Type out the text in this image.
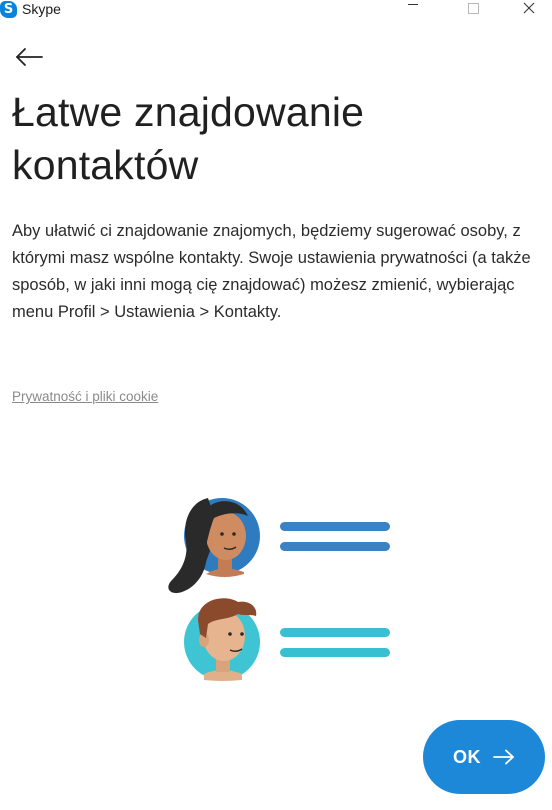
S Skype
Łatwe znajdowanie kontaktów

Aby ułatwić ci znajdowanie znajomych, będziemy sugerować osoby, z którymi masz wspólne kontakty. Swoje ustawienia prywatności (a także sposób, w jaki inni mogą cię znajdować) możesz zmienić, wybierając menu Profil > Ustawienia > Kontakty.

Prywatność i pliki cookie
OK
